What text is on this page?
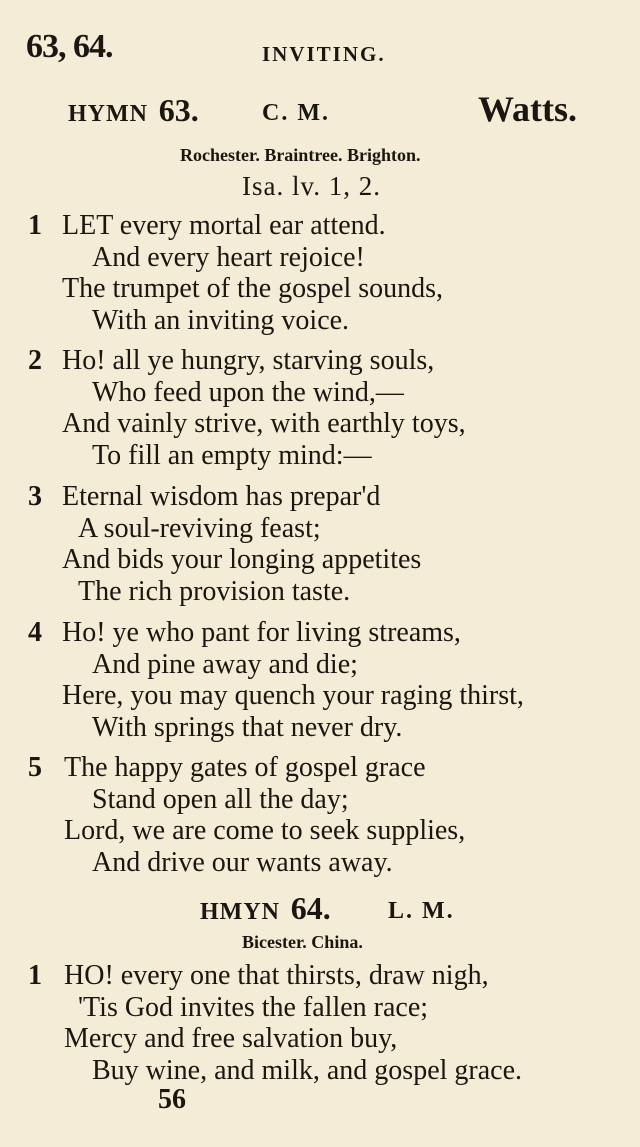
63, 64.	INVITING.
HYMN 63.	C. M.	Watts.
Rochester. Braintree. Brighton.
Isa. lv. 1, 2.
1 LET every mortal ear attend.
And every heart rejoice!
The trumpet of the gospel sounds,
With an inviting voice.
2 Ho! all ye hungry, starving souls,
Who feed upon the wind,—
And vainly strive, with earthly toys,
To fill an empty mind:—
3 Eternal wisdom has prepar'd
A soul-reviving feast;
And bids your longing appetites
The rich provision taste.
4 Ho! ye who pant for living streams,
And pine away and die;
Here, you may quench your raging thirst,
With springs that never dry.
5 The happy gates of gospel grace
Stand open all the day;
Lord, we are come to seek supplies,
And drive our wants away.
HMYN 64. L. M.
Bicester. China.
1 HO! every one that thirsts, draw nigh,
'Tis God invites the fallen race;
Mercy and free salvation buy,
Buy wine, and milk, and gospel grace.
56
